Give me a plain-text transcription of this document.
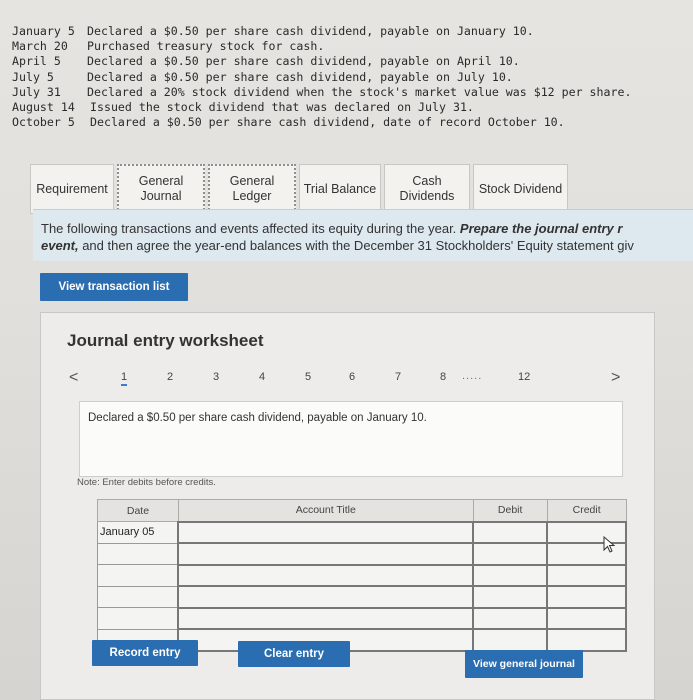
January 5	Declared a $0.50 per share cash dividend, payable on January 10.
March 20	Purchased treasury stock for cash.
April 5	Declared a $0.50 per share cash dividend, payable on April 10.
July 5	Declared a $0.50 per share cash dividend, payable on July 10.
July 31	Declared a 20% stock dividend when the stock's market value was $12 per share.
August 14	Issued the stock dividend that was declared on July 31.
October 5	Declared a $0.50 per share cash dividend, date of record October 10.
Requirement
General
Journal
General
Ledger
Trial Balance
Cash
Dividends
Stock Dividend
The following transactions and events affected its equity during the year. Prepare the journal entry r
event, and then agree the year-end balances with the December 31 Stockholders' Equity statement giv
View transaction list
Journal entry worksheet
<	1	2	3	4	5	6	7	8 .....	12	>
Declared a $0.50 per share cash dividend, payable on January 10.
Note: Enter debits before credits.
Date	Account Title	Debit	Credit
January 05			

Record entry	Clear entry
View general journal
